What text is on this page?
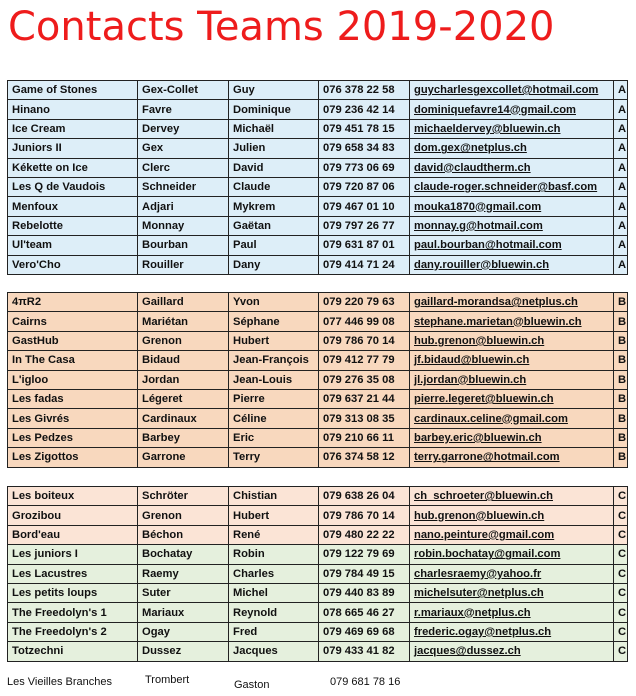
Contacts Teams 2019-2020
Game of Stones	Gex-Collet	Guy	076 378 22 58	guycharlesgexcollet@hotmail.com	A
Hinano	Favre	Dominique	079 236 42 14	dominiquefavre14@gmail.com	A
Ice Cream	Dervey	Michaël	079 451 78 15	michaeldervey@bluewin.ch	A
Juniors II	Gex	Julien	079 658 34 83	dom.gex@netplus.ch	A
Kékette on Ice	Clerc	David	079 773 06 69	david@claudtherm.ch	A
Les Q de Vaudois	Schneider	Claude	079 720 87 06	claude-roger.schneider@basf.com	A
Menfoux	Adjari	Mykrem	079 467 01 10	mouka1870@gmail.com	A
Rebelotte	Monnay	Gaëtan	079 797 26 77	monnay.g@hotmail.com	A
Ul'team	Bourban	Paul	079 631 87 01	paul.bourban@hotmail.com	A
Vero'Cho	Rouiller	Dany	079 414 71 24	dany.rouiller@bluewin.ch	A
4πR2	Gaillard	Yvon	079 220 79 63	gaillard-morandsa@netplus.ch	B
Cairns	Mariétan	Séphane	077 446 99 08	stephane.marietan@bluewin.ch	B
GastHub	Grenon	Hubert	079 786 70 14	hub.grenon@bluewin.ch	B
In The Casa	Bidaud	Jean-François	079 412 77 79	jf.bidaud@bluewin.ch	B
L'igloo	Jordan	Jean-Louis	079 276 35 08	jl.jordan@bluewin.ch	B
Les fadas	Légeret	Pierre	079 637 21 44	pierre.legeret@bluewin.ch	B
Les Givrés	Cardinaux	Céline	079 313 08 35	cardinaux.celine@gmail.com	B
Les Pedzes	Barbey	Eric	079 210 66 11	barbey.eric@bluewin.ch	B
Les Zigottos	Garrone	Terry	076 374 58 12	terry.garrone@hotmail.com	B
Les boiteux	Schröter	Chistian	079 638 26 04	ch_schroeter@bluewin.ch	C
Grozibou	Grenon	Hubert	079 786 70 14	hub.grenon@bluewin.ch	C
Bord'eau	Béchon	René	079 480 22 22	nano.peinture@gmail.com	C
Les juniors I	Bochatay	Robin	079 122 79 69	robin.bochatay@gmail.com	C
Les Lacustres	Raemy	Charles	079 784 49 15	charlesraemy@yahoo.fr	C
Les petits loups	Suter	Michel	079 440 83 89	michelsuter@netplus.ch	C
The Freedolyn's 1	Mariaux	Reynold	078 665 46 27	r.mariaux@netplus.ch	C
The Freedolyn's 2	Ogay	Fred	079 469 69 68	frederic.ogay@netplus.ch	C
Totzechni	Dussez	Jacques	079 433 41 82	jacques@dussez.ch	C
Les Vieilles Branches	Trombert	Gaston	079 681 78 16
